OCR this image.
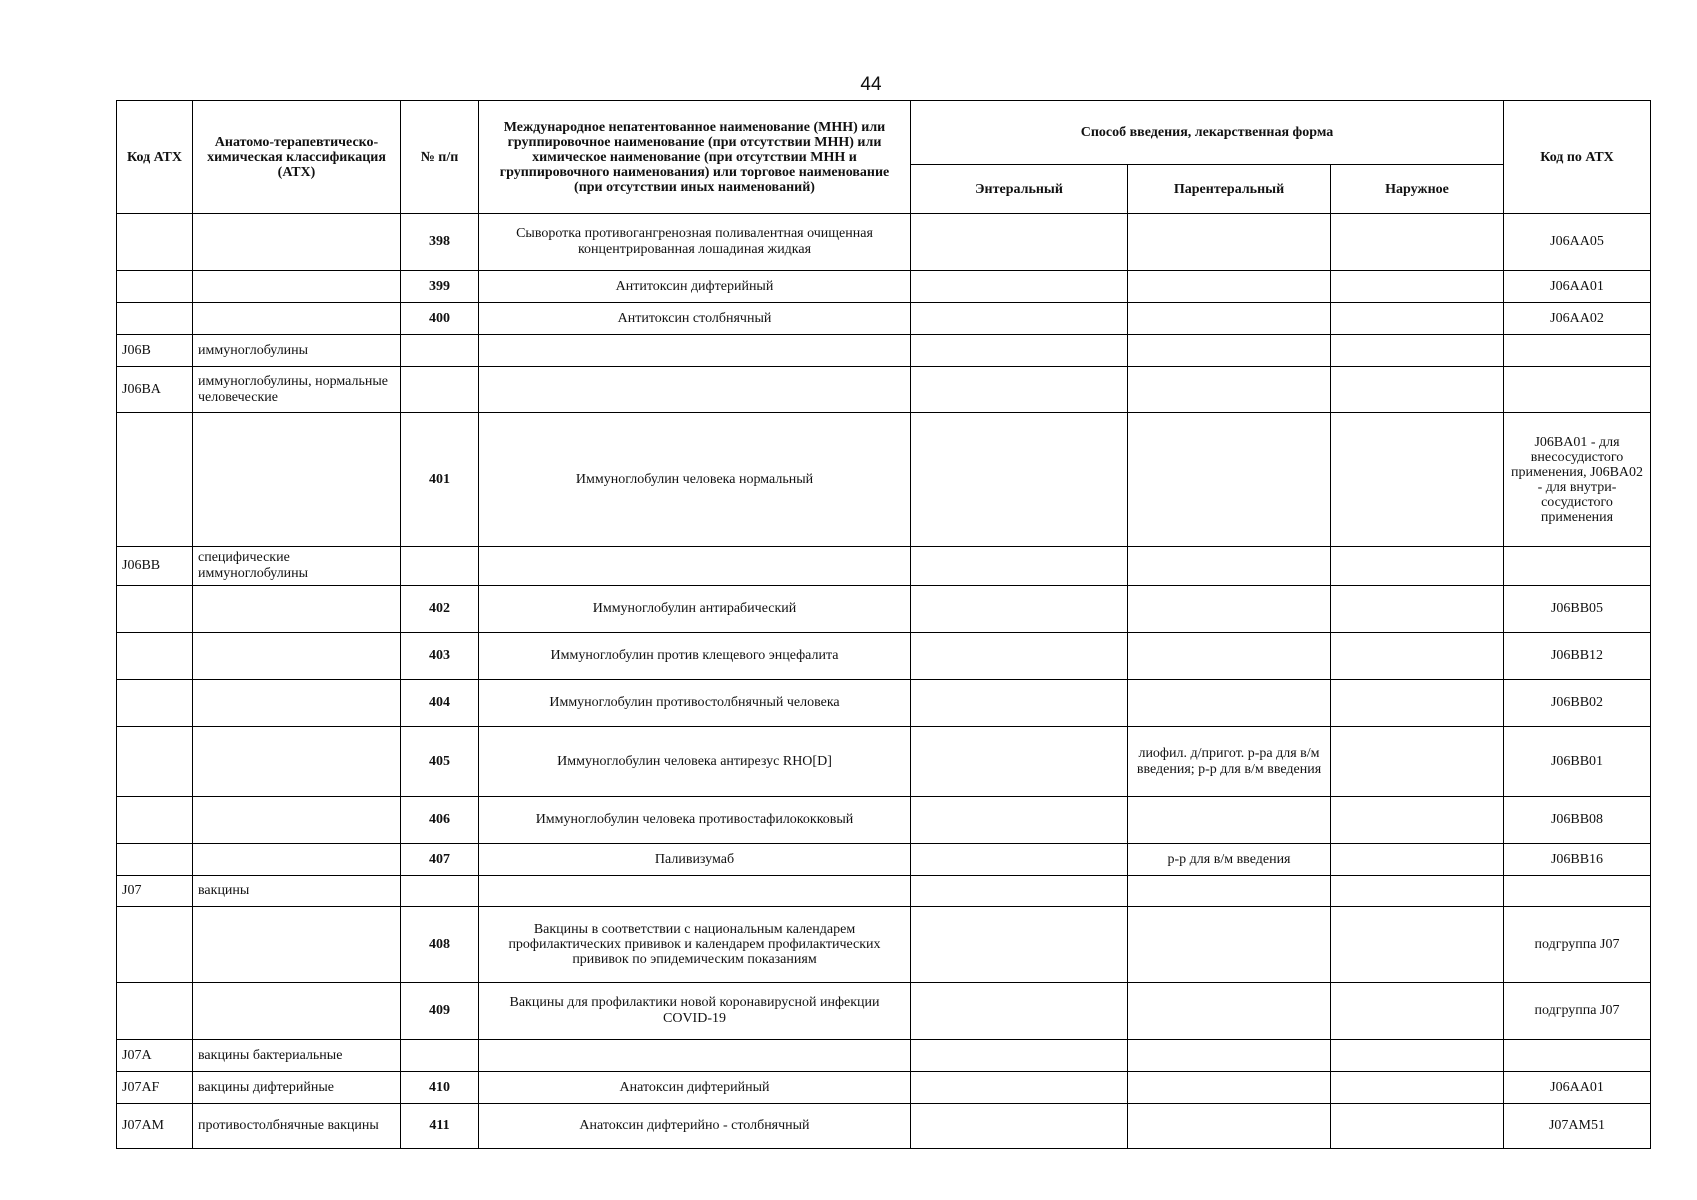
44
Код АТХ	Анатомо-терапевтическо-химическая классификация (АТХ)	№ п/п	Международное непатентованное наименование (МНН) или группировочное наименование (при отсутствии МНН) или химическое наименование (при отсутствии МНН и группировочного наименования) или торговое наименование (при отсутствии иных наименований)	Способ введения, лекарственная форма			Код по АТХ
				Энтеральный	Парентеральный	Наружное	
		398	Сыворотка противогангренозная поливалентная очищенная концентрированная лошадиная жидкая				J06AA05
		399	Антитоксин дифтерийный				J06AA01
		400	Антитоксин столбнячный				J06AA02
J06B	иммуноглобулины						
J06BA	иммуноглобулины, нормальные человеческие						
		401	Иммуноглобулин человека нормальный				J06BA01 - для внесосудистого применения, J06BA02 - для внутри-сосудистого применения
J06BB	специфические иммуноглобулины						
		402	Иммуноглобулин антирабический				J06BB05
		403	Иммуноглобулин против клещевого энцефалита				J06BB12
		404	Иммуноглобулин противостолбнячный человека				J06BB02
		405	Иммуноглобулин человека антирезус RHO[D]		лиофил. д/пригот. р-ра для в/м введения; р-р для в/м введения		J06BB01
		406	Иммуноглобулин человека противостафилококковый				J06BB08
		407	Паливизумаб		р-р для в/м введения		J06BB16
J07	вакцины						
		408	Вакцины в соответствии с национальным календарем профилактических прививок и календарем профилактических прививок по эпидемическим показаниям				подгруппа J07
		409	Вакцины для профилактики новой коронавирусной инфекции COVID-19				подгруппа J07
J07A	вакцины бактериальные						
J07AF	вакцины дифтерийные	410	Анатоксин дифтерийный				J06AA01
J07AM	противостолбнячные вакцины	411	Анатоксин дифтерийно - столбнячный				J07AM51
